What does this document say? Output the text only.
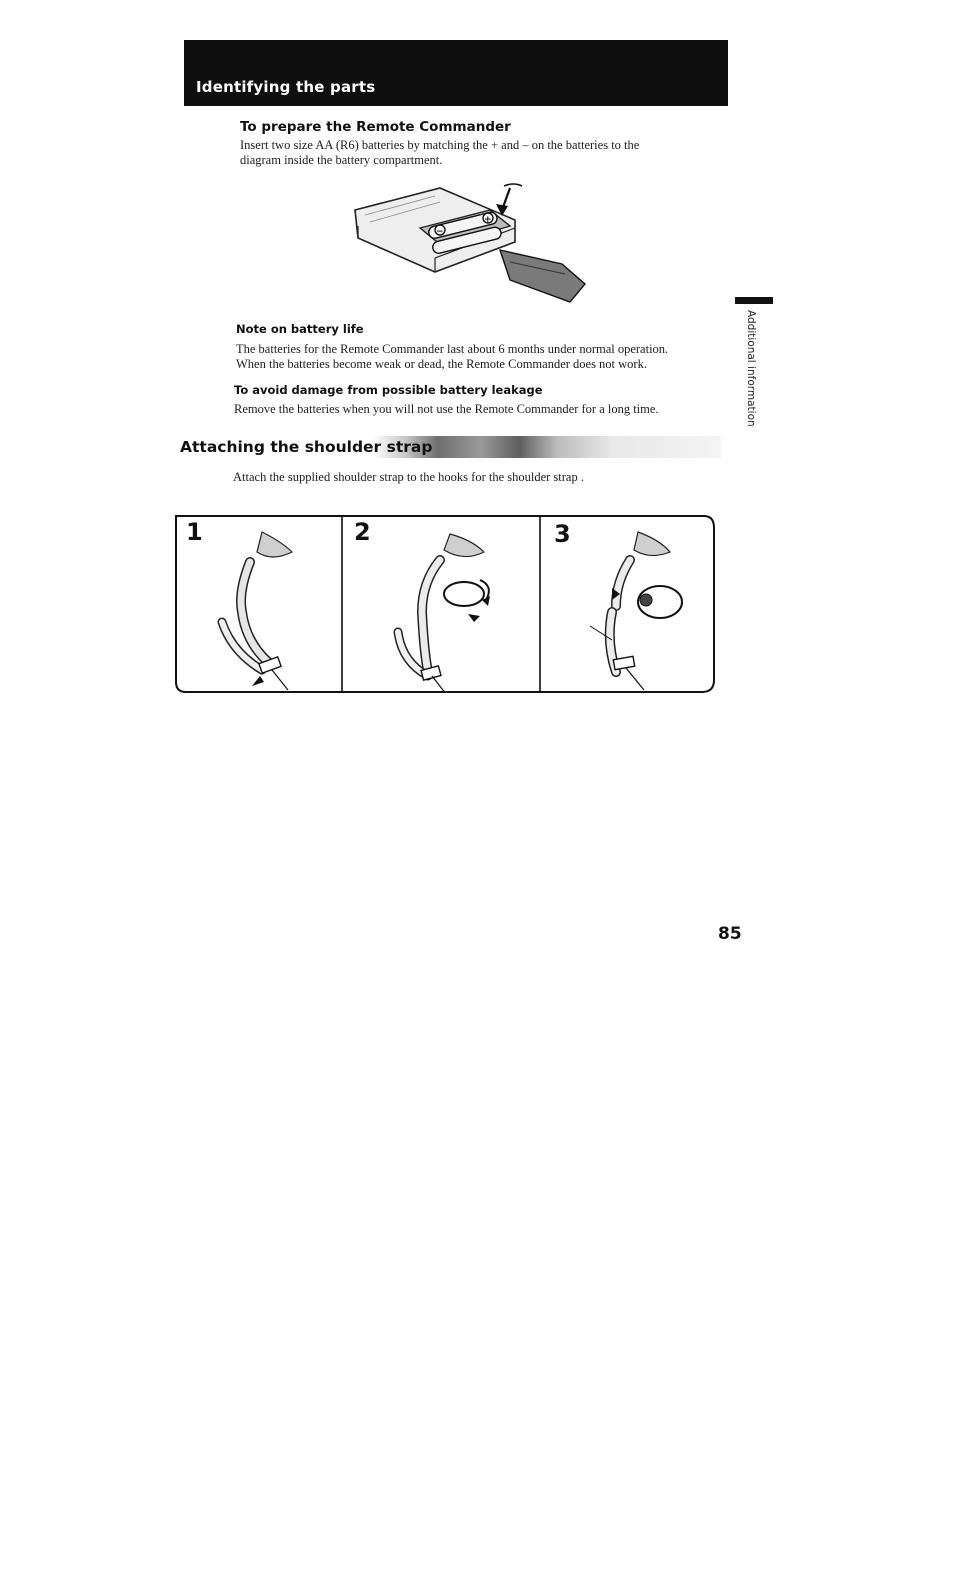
Identifying the parts
To prepare the Remote Commander
Insert two size AA (R6) batteries by matching the + and – on the batteries to the
diagram inside the battery compartment.
−
+
Note on battery life
The batteries for the Remote Commander last about 6 months under normal operation.
When the batteries become weak or dead, the Remote Commander does not work.
To avoid damage from possible battery leakage
Remove the batteries when you will not use the Remote Commander for a long time.	Additional information
Attaching the shoulder strap
Attach the supplied shoulder strap to the hooks for the shoulder strap .
1	2	3
85
